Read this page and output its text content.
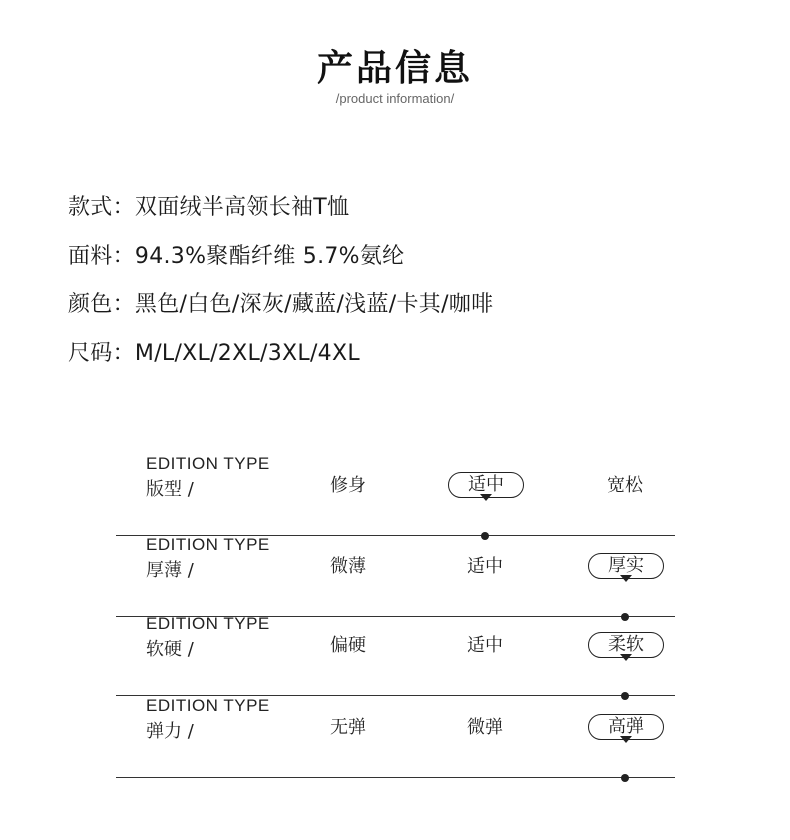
产品信息
/product information/
款式：双面绒半高领长袖T恤
面料：94.3%聚酯纤维 5.7%氨纶
颜色：黑色/白色/深灰/藏蓝/浅蓝/卡其/咖啡
尺码：M/L/XL/2XL/3XL/4XL
EDITION TYPE
版型 /	修身	适中	宽松
EDITION TYPE
厚薄 /	微薄	适中	厚实
EDITION TYPE
软硬 /	偏硬	适中	柔软
EDITION TYPE
弹力 /	无弹	微弹	高弹
